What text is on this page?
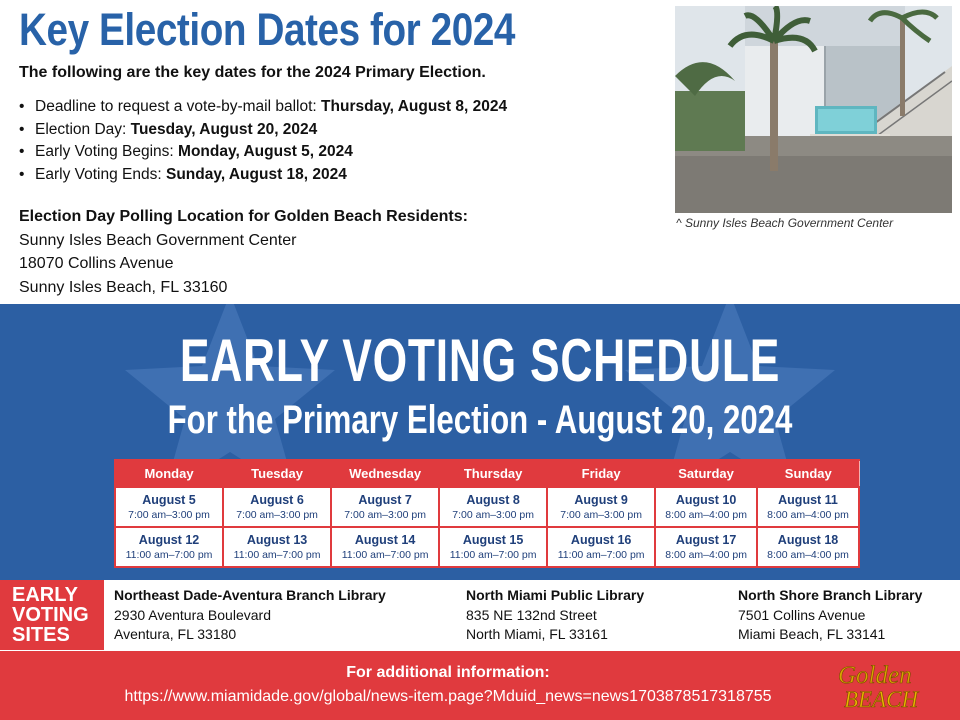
Key Election Dates for 2024
The following are the key dates for the 2024 Primary Election.
• Deadline to request a vote-by-mail ballot: Thursday, August 8, 2024
• Election Day: Tuesday, August 20, 2024
• Early Voting Begins: Monday, August 5, 2024
• Early Voting Ends: Sunday, August 18, 2024
Election Day Polling Location for Golden Beach Residents:
Sunny Isles Beach Government Center
18070 Collins Avenue
Sunny Isles Beach, FL 33160
^ Sunny Isles Beach Government Center
EARLY VOTING SCHEDULE
For the Primary Election - August 20, 2024
Monday	Tuesday	Wednesday	Thursday	Friday	Saturday	Sunday

August 5
7:00 am–3:00 pm	August 6
7:00 am–3:00 pm	August 7
7:00 am–3:00 pm	August 8
7:00 am–3:00 pm	August 9
7:00 am–3:00 pm	August 10
8:00 am–4:00 pm	August 11
8:00 am–4:00 pm

August 12
11:00 am–7:00 pm	August 13
11:00 am–7:00 pm	August 14
11:00 am–7:00 pm	August 15
11:00 am–7:00 pm	August 16
11:00 am–7:00 pm	August 17
8:00 am–4:00 pm	August 18
8:00 am–4:00 pm
EARLY
VOTING
SITES
Northeast Dade-Aventura Branch Library
2930 Aventura Boulevard
Aventura, FL 33180
North Miami Public Library
835 NE 132nd Street
North Miami, FL 33161
North Shore Branch Library
7501 Collins Avenue
Miami Beach, FL 33141
For additional information:
https://www.miamidade.gov/global/news-item.page?Mduid_news=news1703878517318755
Golden
BEACH
